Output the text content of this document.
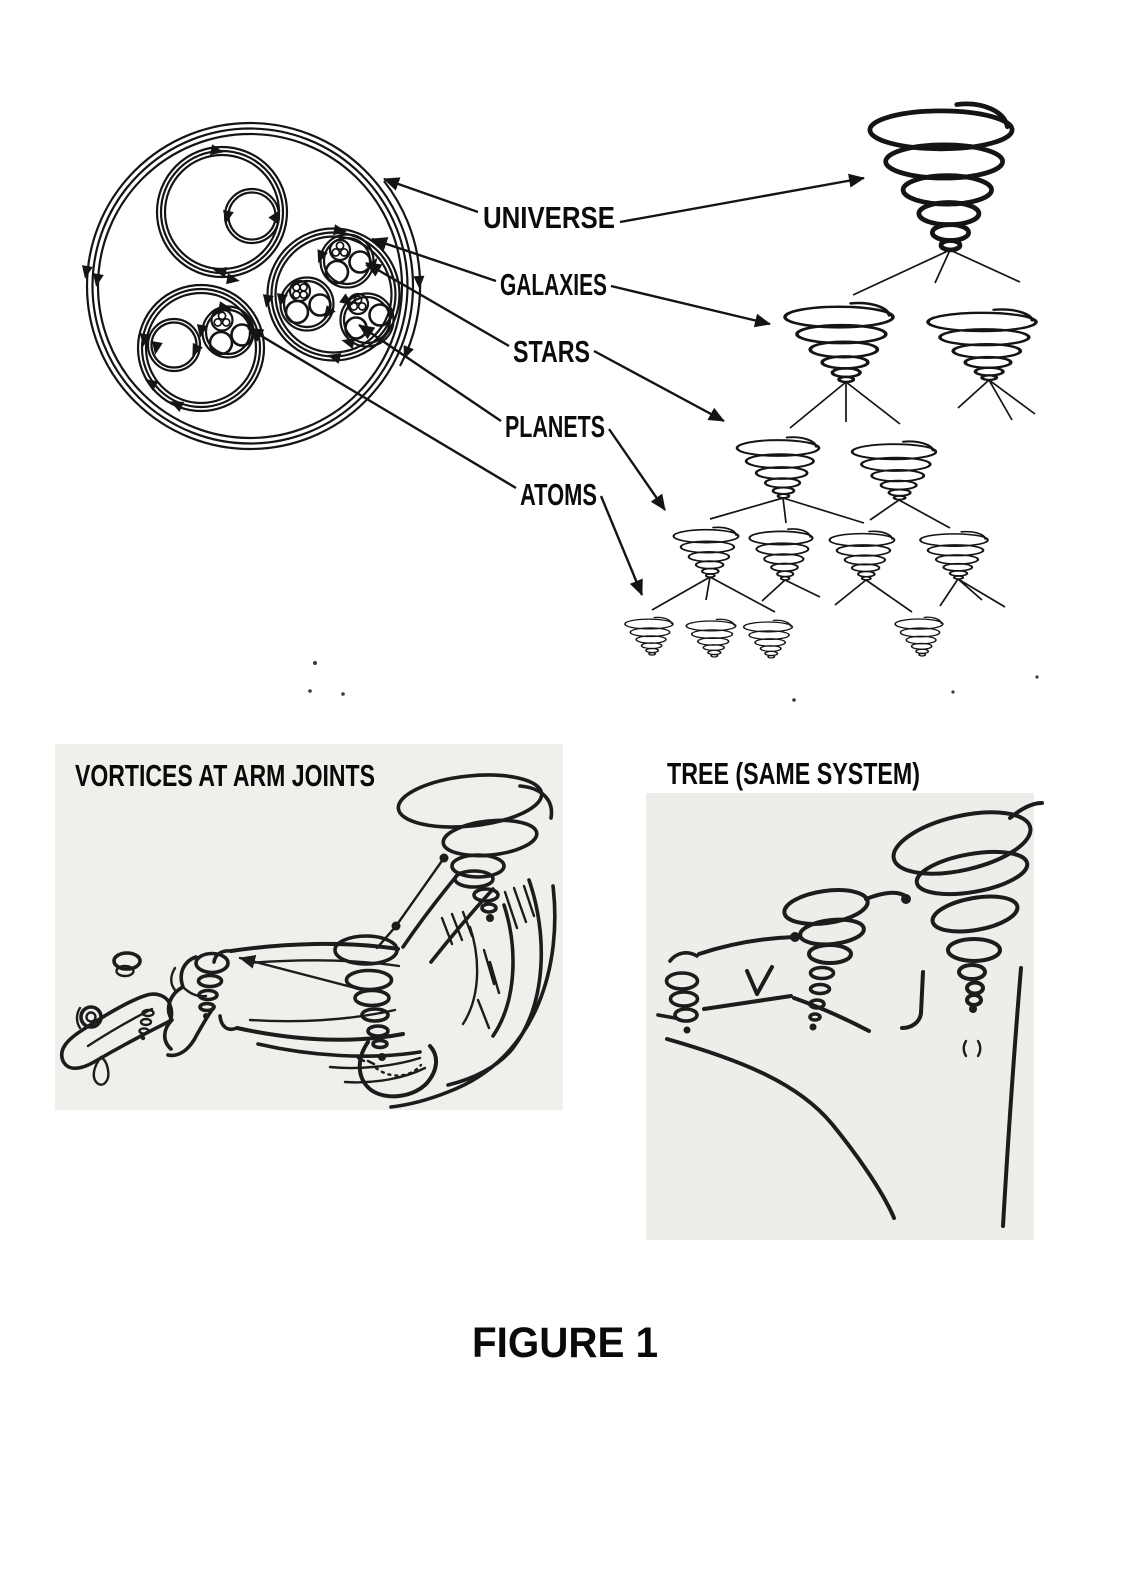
UNIVERSE
GALAXIES
STARS
PLANETS
ATOMS
VORTICES AT ARM JOINTS	TREE (SAME SYSTEM)
FIGURE 1
